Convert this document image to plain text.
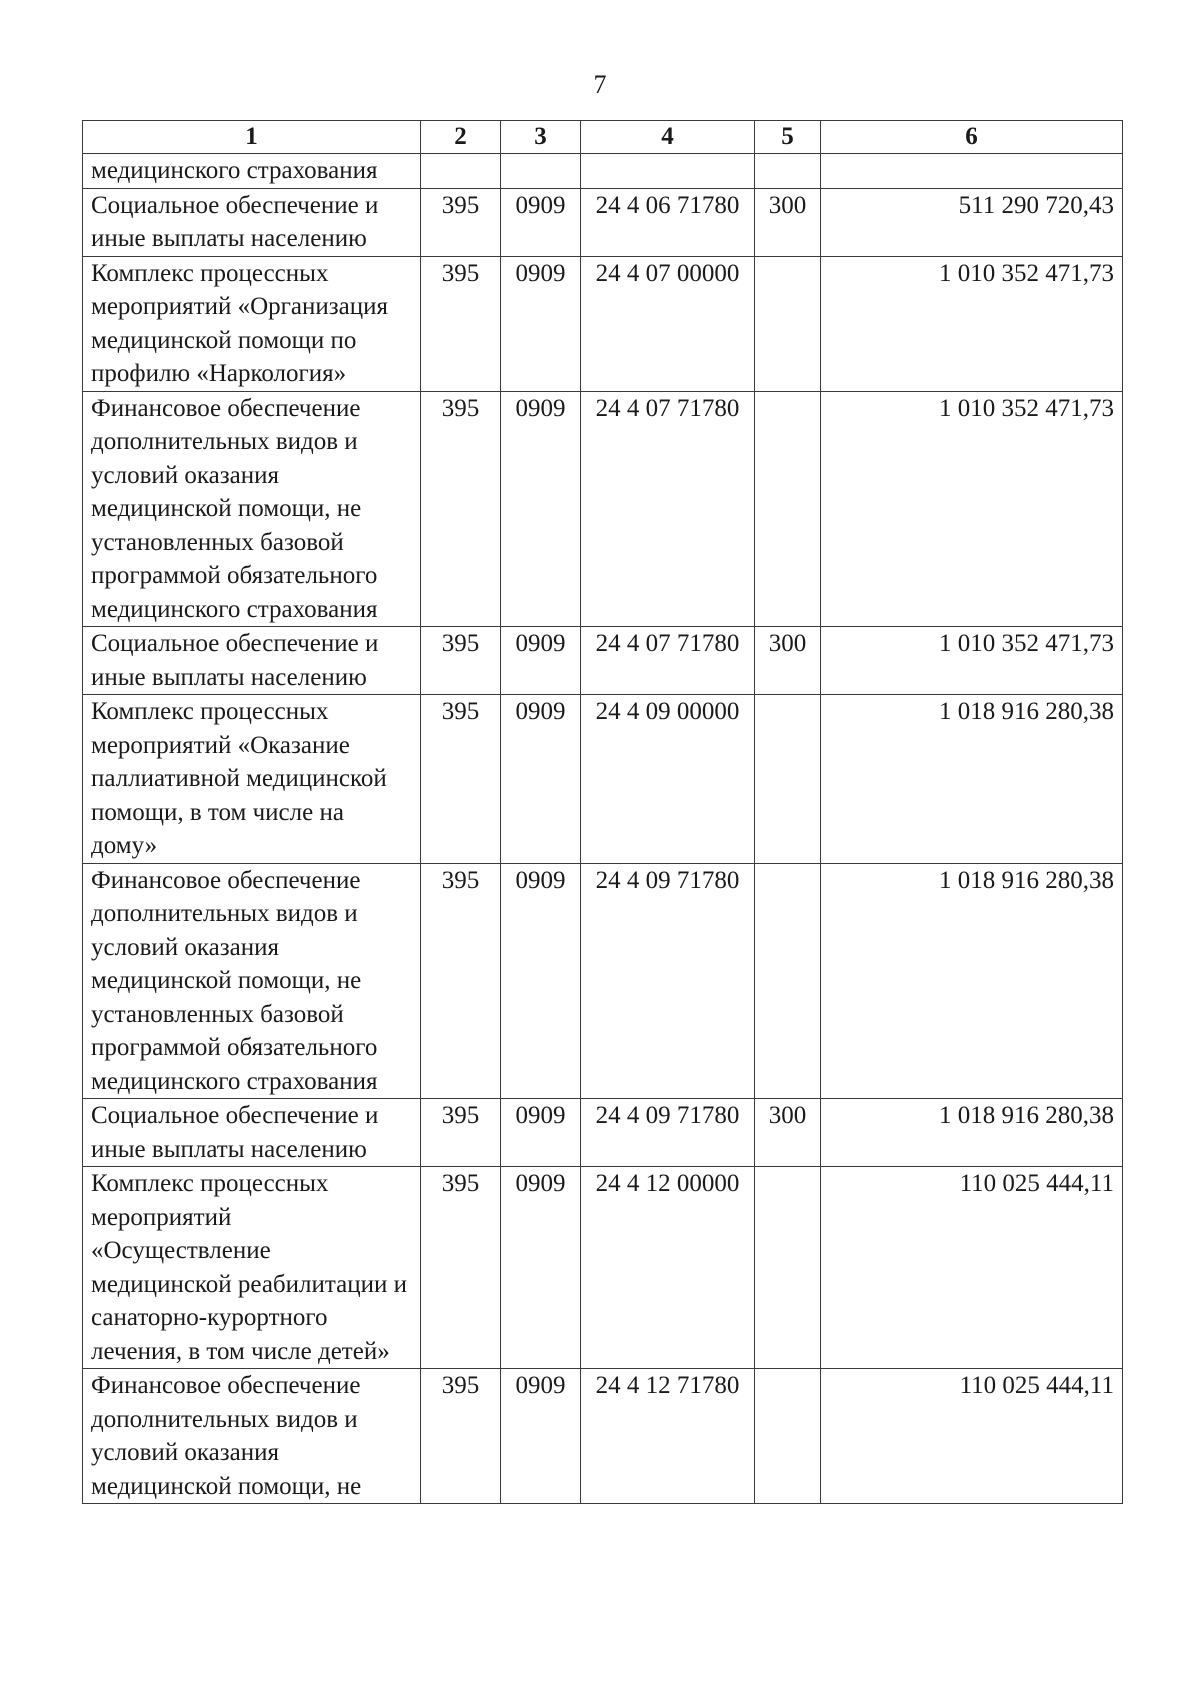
7
1	2	3	4	5	6
медицинского страхования					
Социальное обеспечение и иные выплаты населению	395	0909	24 4 06 71780	300	511 290 720,43
Комплекс процессных мероприятий «Организация медицинской помощи по профилю «Наркология»	395	0909	24 4 07 00000		1 010 352 471,73
Финансовое обеспечение дополнительных видов и условий оказания медицинской помощи, не установленных базовой программой обязательного медицинского страхования	395	0909	24 4 07 71780		1 010 352 471,73
Социальное обеспечение и иные выплаты населению	395	0909	24 4 07 71780	300	1 010 352 471,73
Комплекс процессных мероприятий «Оказание паллиативной медицинской помощи, в том числе на дому»	395	0909	24 4 09 00000		1 018 916 280,38
Финансовое обеспечение дополнительных видов и условий оказания медицинской помощи, не установленных базовой программой обязательного медицинского страхования	395	0909	24 4 09 71780		1 018 916 280,38
Социальное обеспечение и иные выплаты населению	395	0909	24 4 09 71780	300	1 018 916 280,38
Комплекс процессных мероприятий «Осуществление медицинской реабилитации и санаторно-курортного лечения, в том числе детей»	395	0909	24 4 12 00000		110 025 444,11
Финансовое обеспечение дополнительных видов и условий оказания медицинской помощи, не	395	0909	24 4 12 71780		110 025 444,11
